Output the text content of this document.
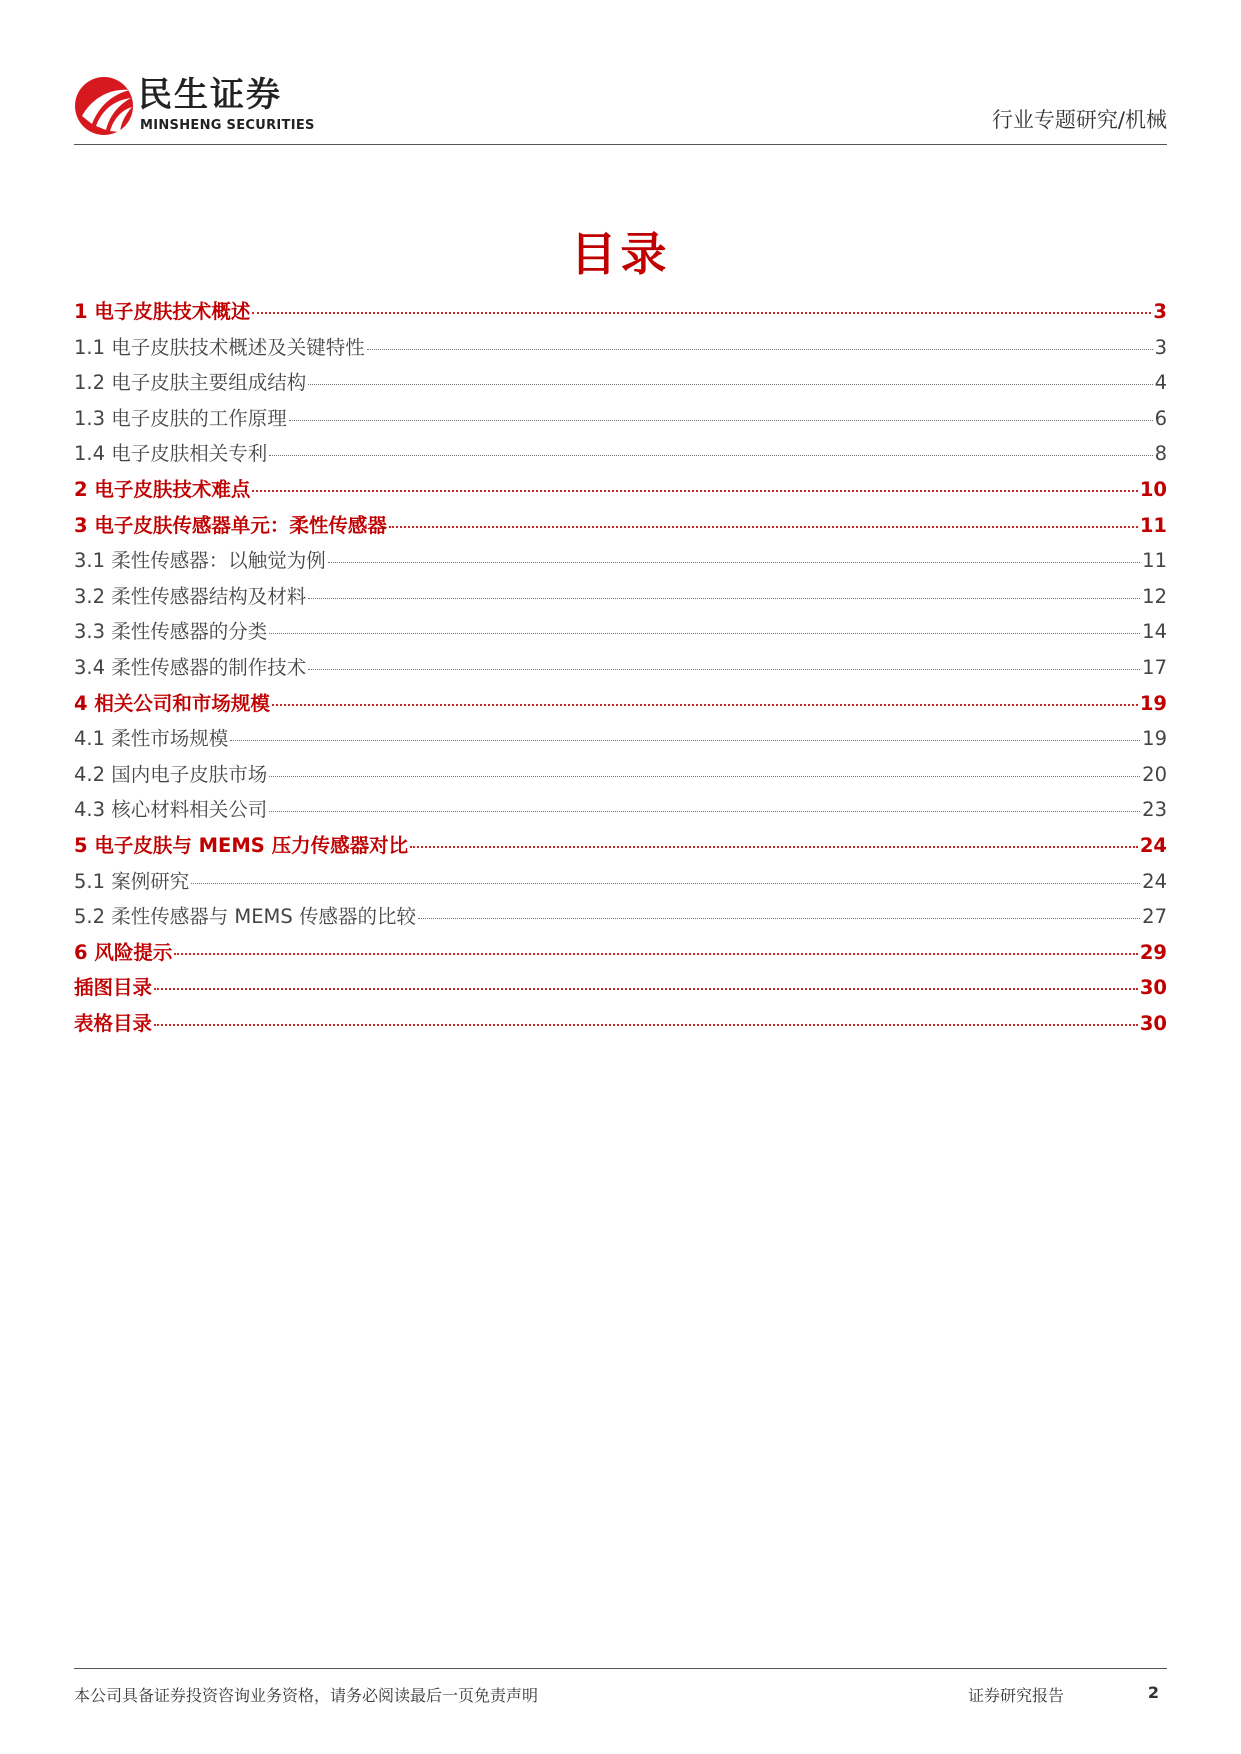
民生证券
MINSHENG SECURITIES	行业专题研究/机械
目录
1 电子皮肤技术概述	3
1.1 电子皮肤技术概述及关键特性	3
1.2 电子皮肤主要组成结构	4
1.3 电子皮肤的工作原理	6
1.4 电子皮肤相关专利	8
2 电子皮肤技术难点	10
3 电子皮肤传感器单元：柔性传感器	11
3.1 柔性传感器：以触觉为例	11
3.2 柔性传感器结构及材料	12
3.3 柔性传感器的分类	14
3.4 柔性传感器的制作技术	17
4 相关公司和市场规模	19
4.1 柔性市场规模	19
4.2 国内电子皮肤市场	20
4.3 核心材料相关公司	23
5 电子皮肤与 MEMS 压力传感器对比	24
5.1 案例研究	24
5.2 柔性传感器与 MEMS 传感器的比较	27
6 风险提示	29
插图目录	30
表格目录	30
本公司具备证券投资咨询业务资格，请务必阅读最后一页免责声明	证券研究报告	2
